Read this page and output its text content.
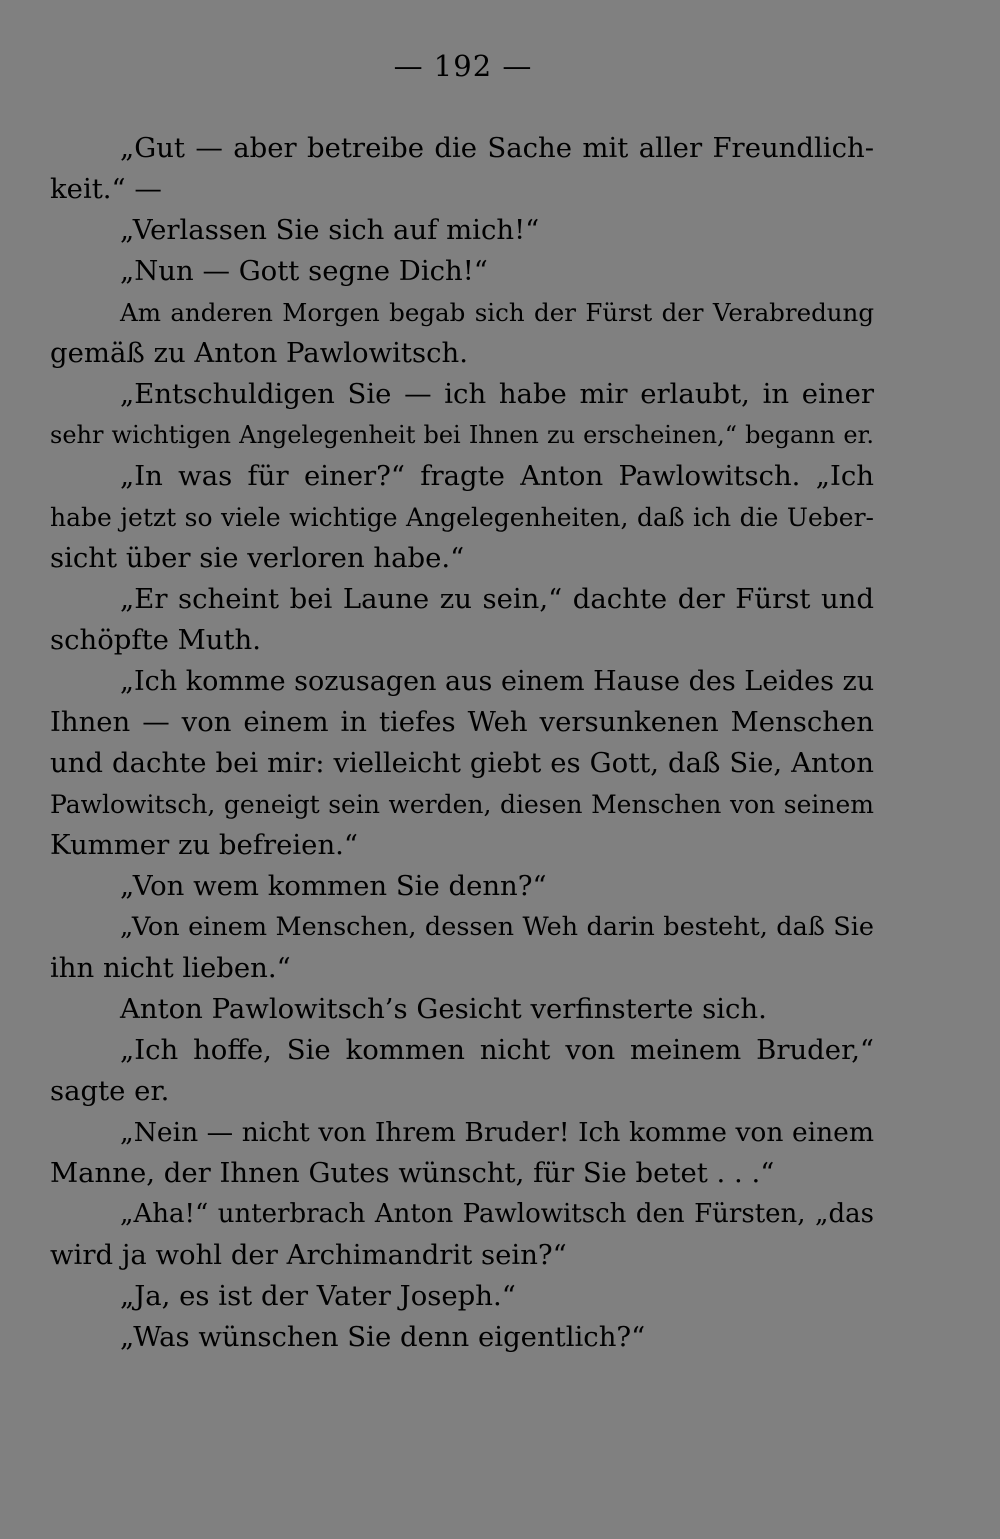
— 192 —
„Gut — aber betreibe die Sache mit aller Freundlich-
keit.“ —
„Verlassen Sie sich auf mich!“
„Nun — Gott segne Dich!“
Am anderen Morgen begab sich der Fürst der Verabredung
gemäß zu Anton Pawlowitsch.
„Entschuldigen Sie — ich habe mir erlaubt, in einer
sehr wichtigen Angelegenheit bei Ihnen zu erscheinen,“ begann er.
„In was für einer?“ fragte Anton Pawlowitsch. „Ich
habe jetzt so viele wichtige Angelegenheiten, daß ich die Ueber-
sicht über sie verloren habe.“
„Er scheint bei Laune zu sein,“ dachte der Fürst und
schöpfte Muth.
„Ich komme sozusagen aus einem Hause des Leides zu
Ihnen — von einem in tiefes Weh versunkenen Menschen
und dachte bei mir: vielleicht giebt es Gott, daß Sie, Anton
Pawlowitsch, geneigt sein werden, diesen Menschen von seinem
Kummer zu befreien.“
„Von wem kommen Sie denn?“
„Von einem Menschen, dessen Weh darin besteht, daß Sie
ihn nicht lieben.“
Anton Pawlowitsch’s Gesicht verfinsterte sich.
„Ich hoffe, Sie kommen nicht von meinem Bruder,“
sagte er.
„Nein — nicht von Ihrem Bruder! Ich komme von einem
Manne, der Ihnen Gutes wünscht, für Sie betet . . .“
„Aha!“ unterbrach Anton Pawlowitsch den Fürsten, „das
wird ja wohl der Archimandrit sein?“
„Ja, es ist der Vater Joseph.“
„Was wünschen Sie denn eigentlich?“
